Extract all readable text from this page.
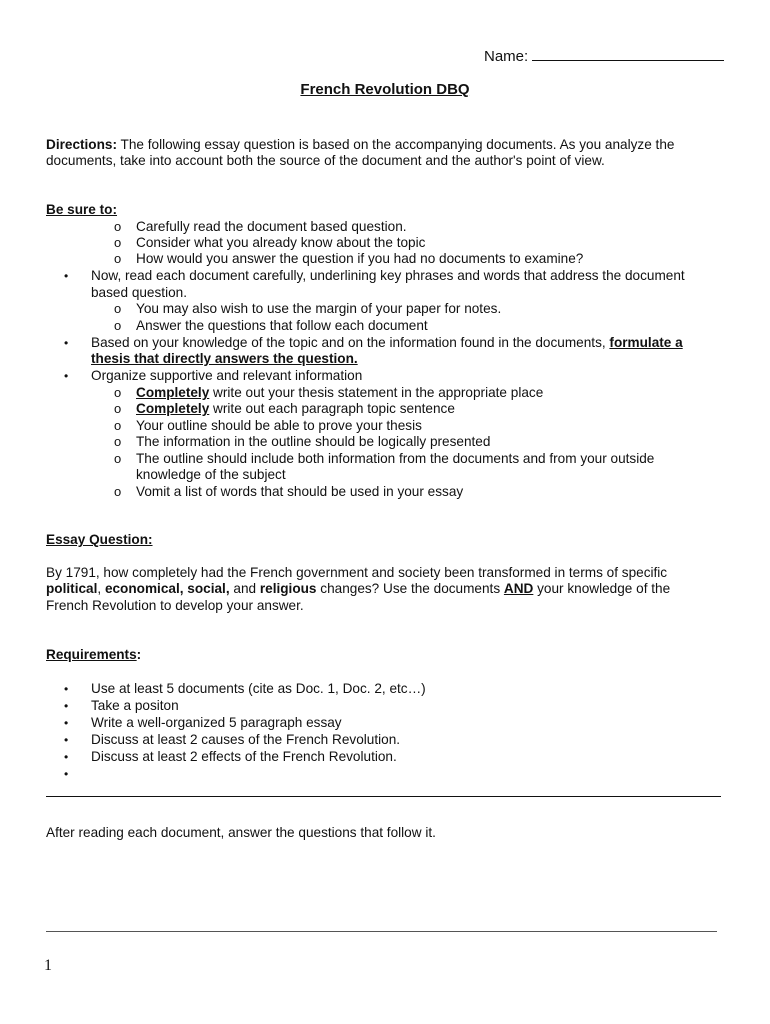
Name:
French Revolution DBQ
Directions: The following essay question is based on the accompanying documents. As you analyze the
documents, take into account both the source of the document and the author's point of view.
Be sure to:
o Carefully read the document based question.
o Consider what you already know about the topic
o How would you answer the question if you had no documents to examine?
• Now, read each document carefully, underlining key phrases and words that address the document
based question.
o You may also wish to use the margin of your paper for notes.
o Answer the questions that follow each document
• Based on your knowledge of the topic and on the information found in the documents, formulate a
thesis that directly answers the question.
• Organize supportive and relevant information
o Completely write out your thesis statement in the appropriate place
o Completely write out each paragraph topic sentence
o Your outline should be able to prove your thesis
o The information in the outline should be logically presented
o The outline should include both information from the documents and from your outside
knowledge of the subject
o Vomit a list of words that should be used in your essay
Essay Question:
By 1791, how completely had the French government and society been transformed in terms of specific
political, economical, social, and religious changes? Use the documents AND your knowledge of the
French Revolution to develop your answer.
Requirements:
• Use at least 5 documents (cite as Doc. 1, Doc. 2, etc…)
• Take a positon
• Write a well-organized 5 paragraph essay
• Discuss at least 2 causes of the French Revolution.
• Discuss at least 2 effects of the French Revolution.
•
After reading each document, answer the questions that follow it.
1
